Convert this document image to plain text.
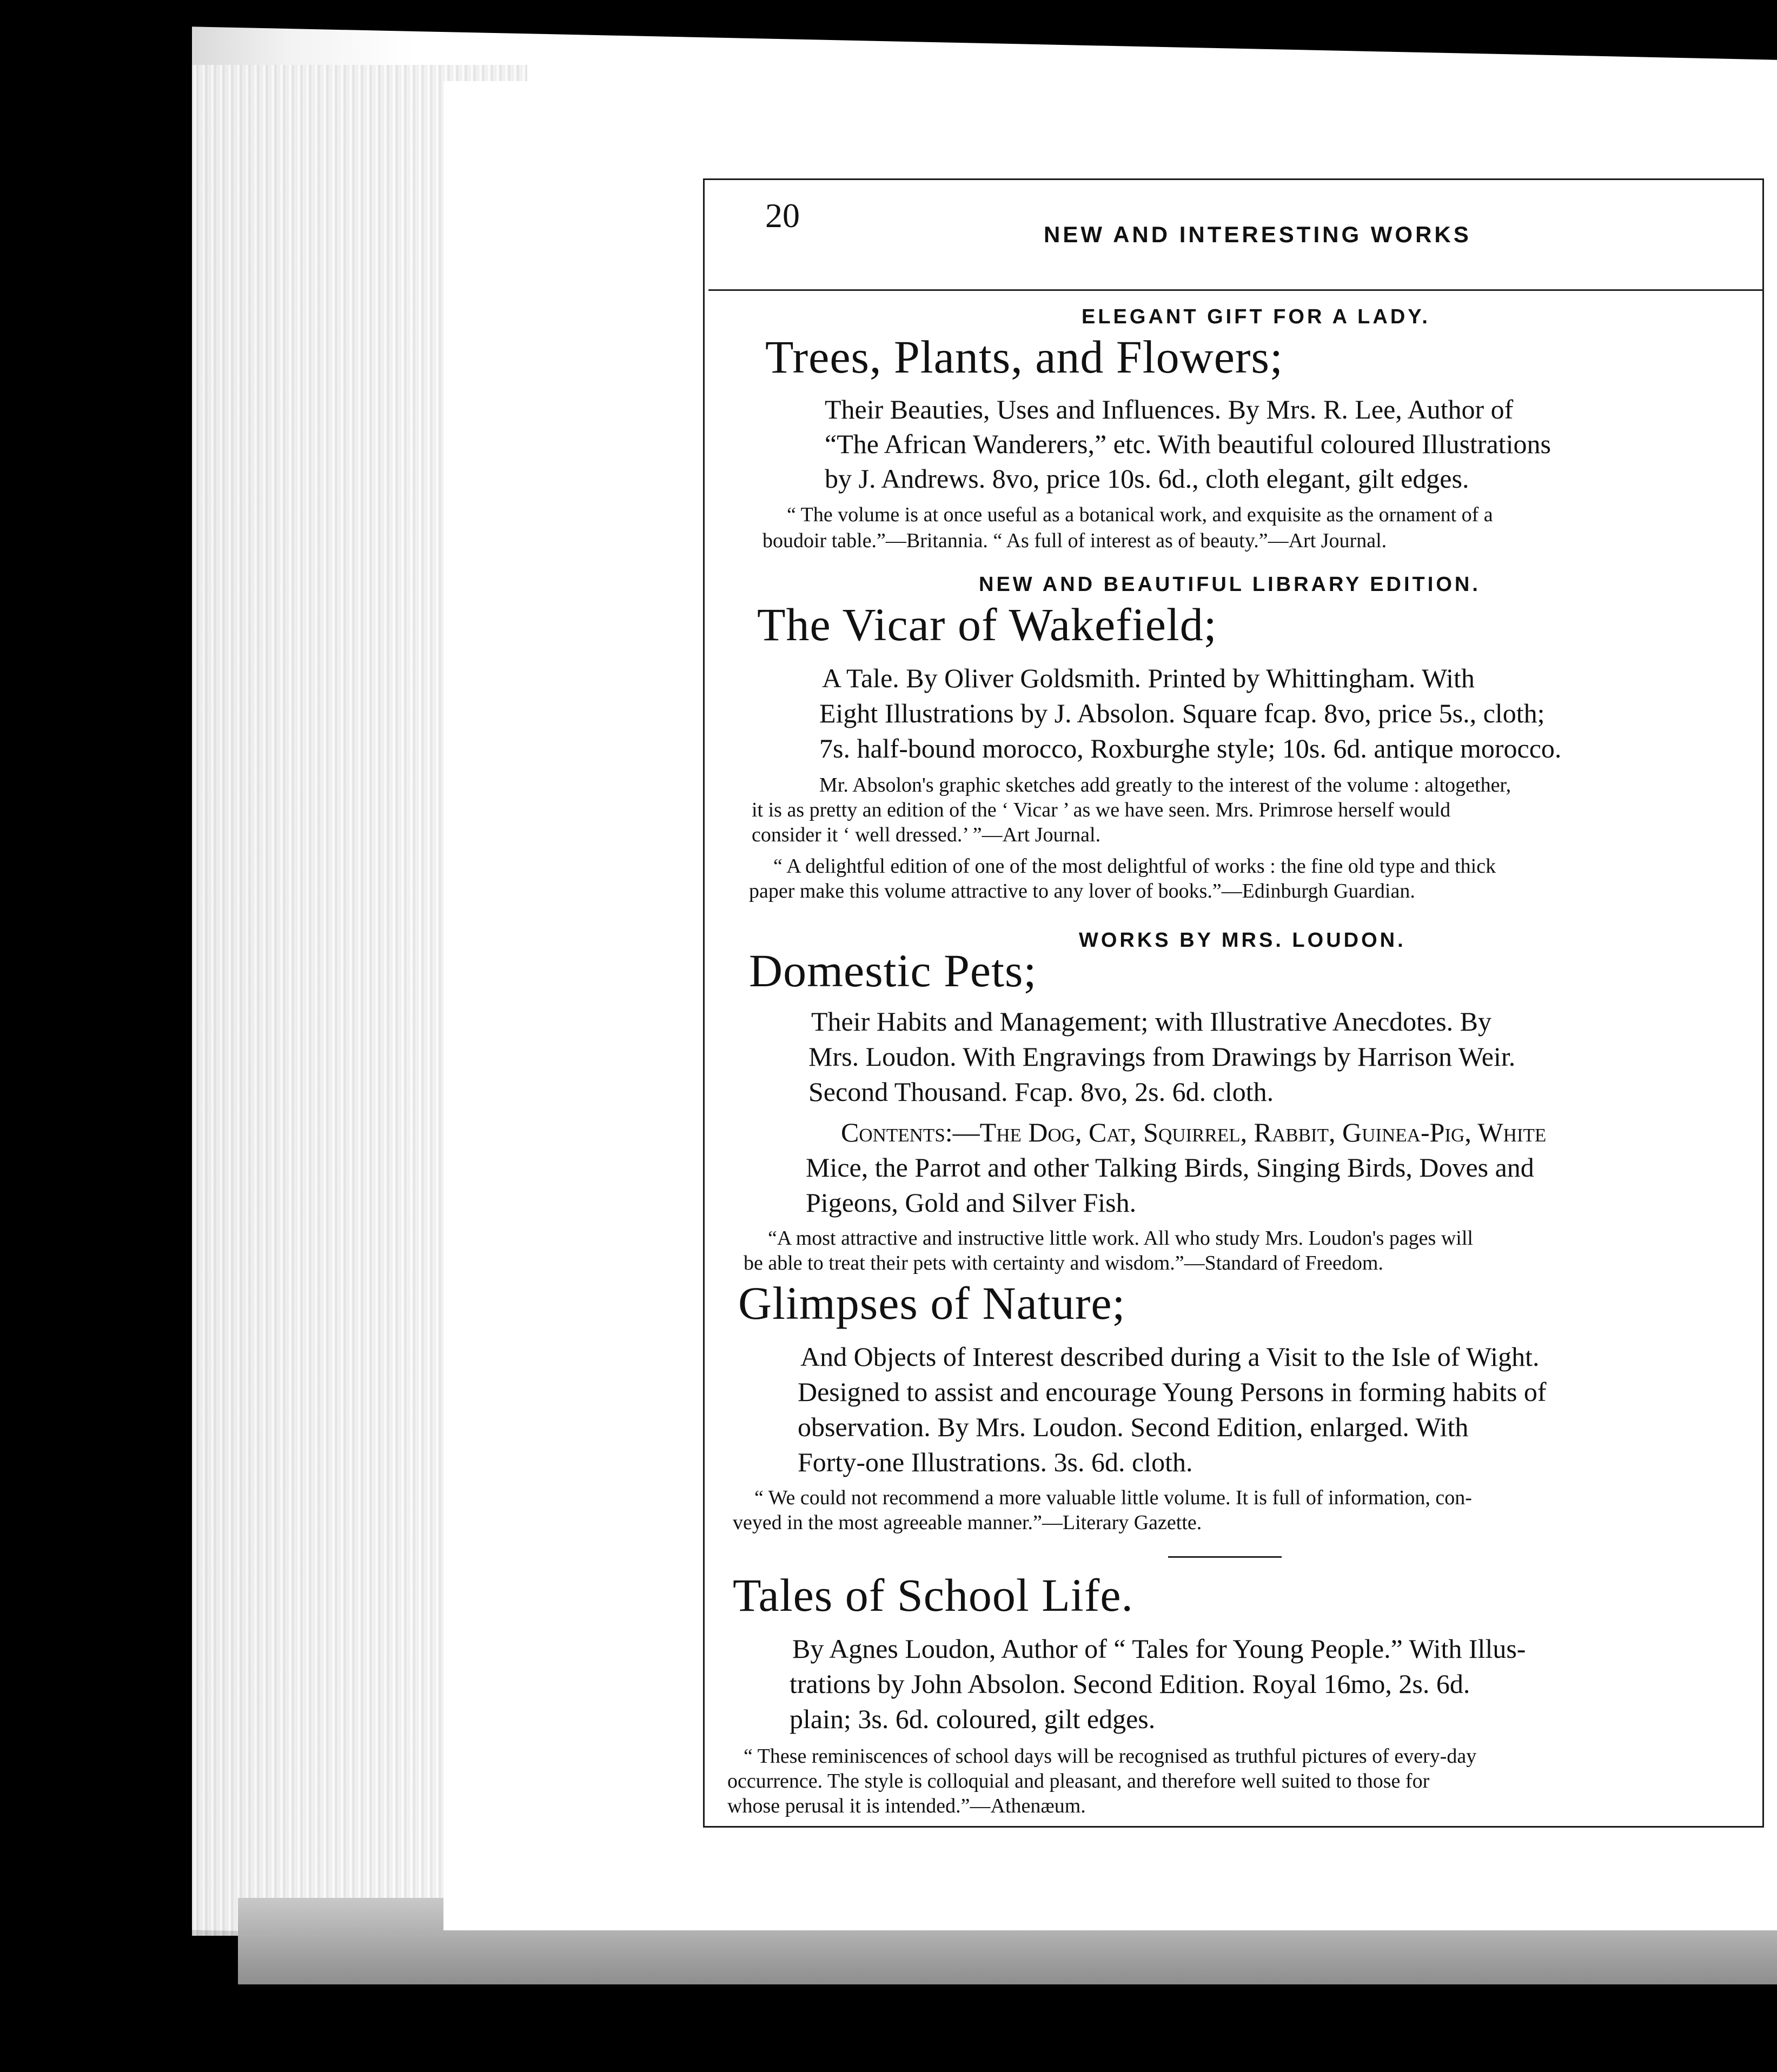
20	NEW AND INTERESTING WORKS
ELEGANT GIFT FOR A LADY.
Trees, Plants, and Flowers;
Their Beauties, Uses and Influences. By Mrs. R. Lee, Author of
“The African Wanderers,” etc. With beautiful coloured Illustrations
by J. Andrews. 8vo, price 10s. 6d., cloth elegant, gilt edges.
“ The volume is at once useful as a botanical work, and exquisite as the ornament of a
boudoir table.”—Britannia. “ As full of interest as of beauty.”—Art Journal.
NEW AND BEAUTIFUL LIBRARY EDITION.
The Vicar of Wakefield;
A Tale. By Oliver Goldsmith. Printed by Whittingham. With
Eight Illustrations by J. Absolon. Square fcap. 8vo, price 5s., cloth;
7s. half-bound morocco, Roxburghe style; 10s. 6d. antique morocco.
Mr. Absolon's graphic sketches add greatly to the interest of the volume : altogether,
it is as pretty an edition of the ‘ Vicar ’ as we have seen. Mrs. Primrose herself would
consider it ‘ well dressed.’ ”—Art Journal.
“ A delightful edition of one of the most delightful of works : the fine old type and thick
paper make this volume attractive to any lover of books.”—Edinburgh Guardian.
WORKS BY MRS. LOUDON.
Domestic Pets;
Their Habits and Management; with Illustrative Anecdotes. By
Mrs. Loudon. With Engravings from Drawings by Harrison Weir.
Second Thousand. Fcap. 8vo, 2s. 6d. cloth.
Contents:—The Dog, Cat, Squirrel, Rabbit, Guinea-Pig, White
Mice, the Parrot and other Talking Birds, Singing Birds, Doves and
Pigeons, Gold and Silver Fish.
“A most attractive and instructive little work. All who study Mrs. Loudon's pages will
be able to treat their pets with certainty and wisdom.”—Standard of Freedom.
Glimpses of Nature;
And Objects of Interest described during a Visit to the Isle of Wight.
Designed to assist and encourage Young Persons in forming habits of
observation. By Mrs. Loudon. Second Edition, enlarged. With
Forty-one Illustrations. 3s. 6d. cloth.
“ We could not recommend a more valuable little volume. It is full of information, con-
veyed in the most agreeable manner.”—Literary Gazette.
Tales of School Life.
By Agnes Loudon, Author of “ Tales for Young People.” With Illus-
trations by John Absolon. Second Edition. Royal 16mo, 2s. 6d.
plain; 3s. 6d. coloured, gilt edges.
“ These reminiscences of school days will be recognised as truthful pictures of every-day
occurrence. The style is colloquial and pleasant, and therefore well suited to those for
whose perusal it is intended.”—Athenæum.
